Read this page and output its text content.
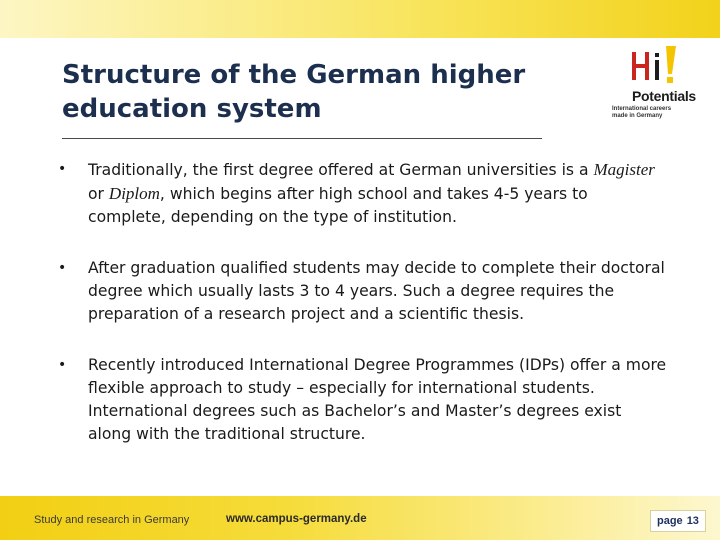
Structure of the German higher
education system	Potentials
International careers
made in Germany
• Traditionally, the first degree offered at German universities is a Magister or Diplom, which begins after high school and takes 4-5 years to complete, depending on the type of institution.
• After graduation qualified students may decide to complete their doctoral degree which usually lasts 3 to 4 years. Such a degree requires the preparation of a research project and a scientific thesis.
• Recently introduced International Degree Programmes (IDPs) offer a more flexible approach to study – especially for international students. International degrees such as Bachelor’s and Master’s degrees exist along with the traditional structure.
Study and research in Germany	www.campus-germany.de	page 13
